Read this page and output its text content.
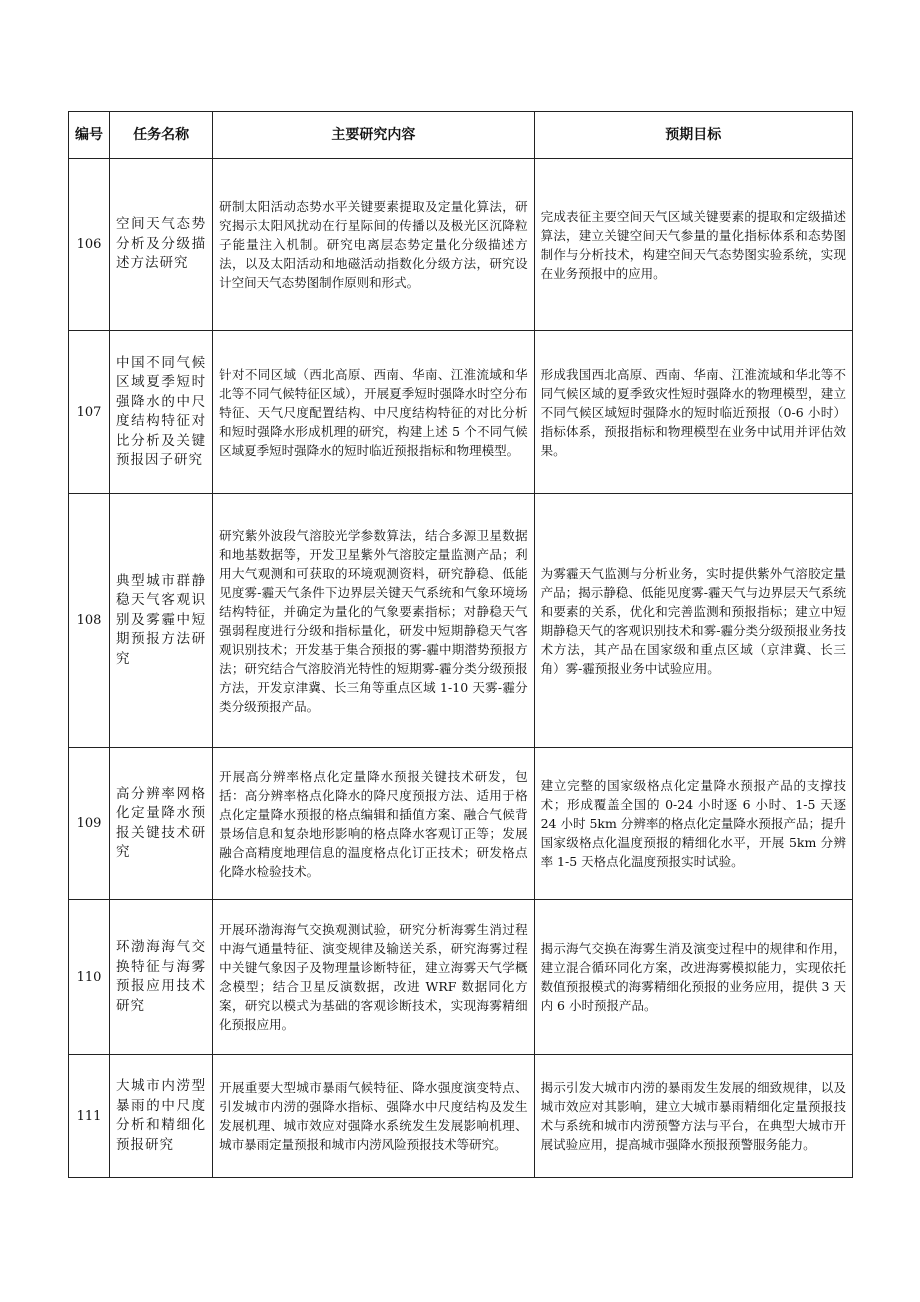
编号	任务名称	主要研究内容	预期目标
106	空间天气态势分析及分级描述方法研究	研制太阳活动态势水平关键要素提取及定量化算法，研究揭示太阳风扰动在行星际间的传播以及极光区沉降粒子能量注入机制。研究电离层态势定量化分级描述方法，以及太阳活动和地磁活动指数化分级方法，研究设计空间天气态势图制作原则和形式。	完成表征主要空间天气区域关键要素的提取和定级描述算法，建立关键空间天气参量的量化指标体系和态势图制作与分析技术，构建空间天气态势图实验系统，实现在业务预报中的应用。
107	中国不同气候区域夏季短时强降水的中尺度结构特征对比分析及关键预报因子研究	针对不同区域（西北高原、西南、华南、江淮流域和华北等不同气候特征区域），开展夏季短时强降水时空分布特征、天气尺度配置结构、中尺度结构特征的对比分析和短时强降水形成机理的研究，构建上述 5 个不同气候区域夏季短时强降水的短时临近预报指标和物理模型。	形成我国西北高原、西南、华南、江淮流域和华北等不同气候区域的夏季致灾性短时强降水的物理模型，建立不同气候区域短时强降水的短时临近预报（0-6 小时）指标体系，预报指标和物理模型在业务中试用并评估效果。
108	典型城市群静稳天气客观识别及雾霾中短期预报方法研究	研究紫外波段气溶胶光学参数算法，结合多源卫星数据和地基数据等，开发卫星紫外气溶胶定量监测产品；利用大气观测和可获取的环境观测资料，研究静稳、低能见度雾-霾天气条件下边界层关键天气系统和气象环境场结构特征，并确定为量化的气象要素指标；对静稳天气强弱程度进行分级和指标量化，研发中短期静稳天气客观识别技术；开发基于集合预报的雾-霾中期潜势预报方法；研究结合气溶胶消光特性的短期雾-霾分类分级预报方法，开发京津冀、长三角等重点区域 1-10 天雾-霾分类分级预报产品。	为雾霾天气监测与分析业务，实时提供紫外气溶胶定量产品；揭示静稳、低能见度雾-霾天气与边界层天气系统和要素的关系，优化和完善监测和预报指标；建立中短期静稳天气的客观识别技术和雾-霾分类分级预报业务技术方法，其产品在国家级和重点区域（京津冀、长三角）雾-霾预报业务中试验应用。
109	高分辨率网格化定量降水预报关键技术研究	开展高分辨率格点化定量降水预报关键技术研发，包括：高分辨率格点化降水的降尺度预报方法、适用于格点化定量降水预报的格点编辑和插值方案、融合气候背景场信息和复杂地形影响的格点降水客观订正等；发展融合高精度地理信息的温度格点化订正技术；研发格点化降水检验技术。	建立完整的国家级格点化定量降水预报产品的支撑技术；形成覆盖全国的 0-24 小时逐 6 小时、1-5 天逐 24 小时 5km 分辨率的格点化定量降水预报产品；提升国家级格点化温度预报的精细化水平，开展 5km 分辨率 1-5 天格点化温度预报实时试验。
110	环渤海海气交换特征与海雾预报应用技术研究	开展环渤海海气交换观测试验，研究分析海雾生消过程中海气通量特征、演变规律及输送关系，研究海雾过程中关键气象因子及物理量诊断特征，建立海雾天气学概念模型；结合卫星反演数据，改进 WRF 数据同化方案，研究以模式为基础的客观诊断技术，实现海雾精细化预报应用。	揭示海气交换在海雾生消及演变过程中的规律和作用，建立混合循环同化方案，改进海雾模拟能力，实现依托数值预报模式的海雾精细化预报的业务应用，提供 3 天内 6 小时预报产品。
111	大城市内涝型暴雨的中尺度分析和精细化预报研究	开展重要大型城市暴雨气候特征、降水强度演变特点、引发城市内涝的强降水指标、强降水中尺度结构及发生发展机理、城市效应对强降水系统发生发展影响机理、城市暴雨定量预报和城市内涝风险预报技术等研究。	揭示引发大城市内涝的暴雨发生发展的细致规律，以及城市效应对其影响，建立大城市暴雨精细化定量预报技术与系统和城市内涝预警方法与平台，在典型大城市开展试验应用，提高城市强降水预报预警服务能力。
